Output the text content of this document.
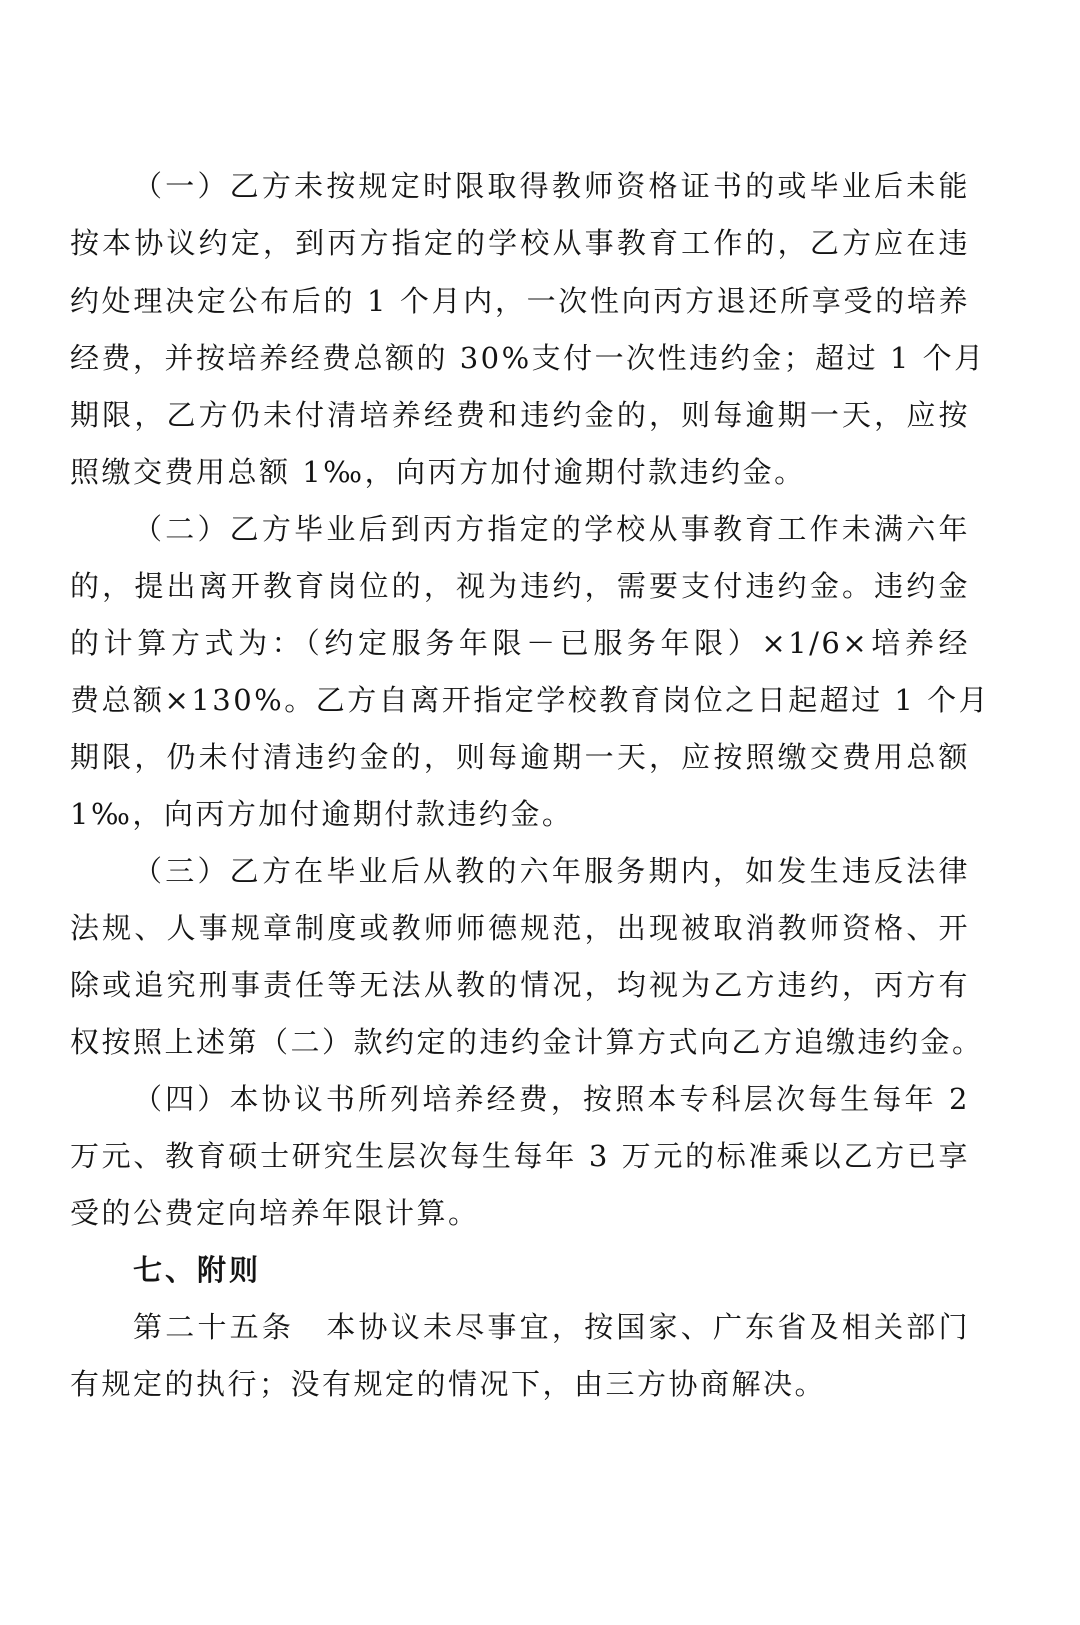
（一）乙方未按规定时限取得教师资格证书的或毕业后未能
按本协议约定，到丙方指定的学校从事教育工作的，乙方应在违
约处理决定公布后的 1 个月内，一次性向丙方退还所享受的培养
经费，并按培养经费总额的 30%支付一次性违约金；超过 1 个月
期限，乙方仍未付清培养经费和违约金的，则每逾期一天，应按
照缴交费用总额 1‰，向丙方加付逾期付款违约金。
（二）乙方毕业后到丙方指定的学校从事教育工作未满六年
的，提出离开教育岗位的，视为违约，需要支付违约金。违约金
的计算方式为：（约定服务年限－已服务年限）×1/6×培养经
费总额×130%。乙方自离开指定学校教育岗位之日起超过 1 个月
期限，仍未付清违约金的，则每逾期一天，应按照缴交费用总额
1‰，向丙方加付逾期付款违约金。
（三）乙方在毕业后从教的六年服务期内，如发生违反法律
法规、人事规章制度或教师师德规范，出现被取消教师资格、开
除或追究刑事责任等无法从教的情况，均视为乙方违约，丙方有
权按照上述第（二）款约定的违约金计算方式向乙方追缴违约金。
（四）本协议书所列培养经费，按照本专科层次每生每年 2
万元、教育硕士研究生层次每生每年 3 万元的标准乘以乙方已享
受的公费定向培养年限计算。
七、附则
第二十五条　本协议未尽事宜，按国家、广东省及相关部门
有规定的执行；没有规定的情况下，由三方协商解决。
